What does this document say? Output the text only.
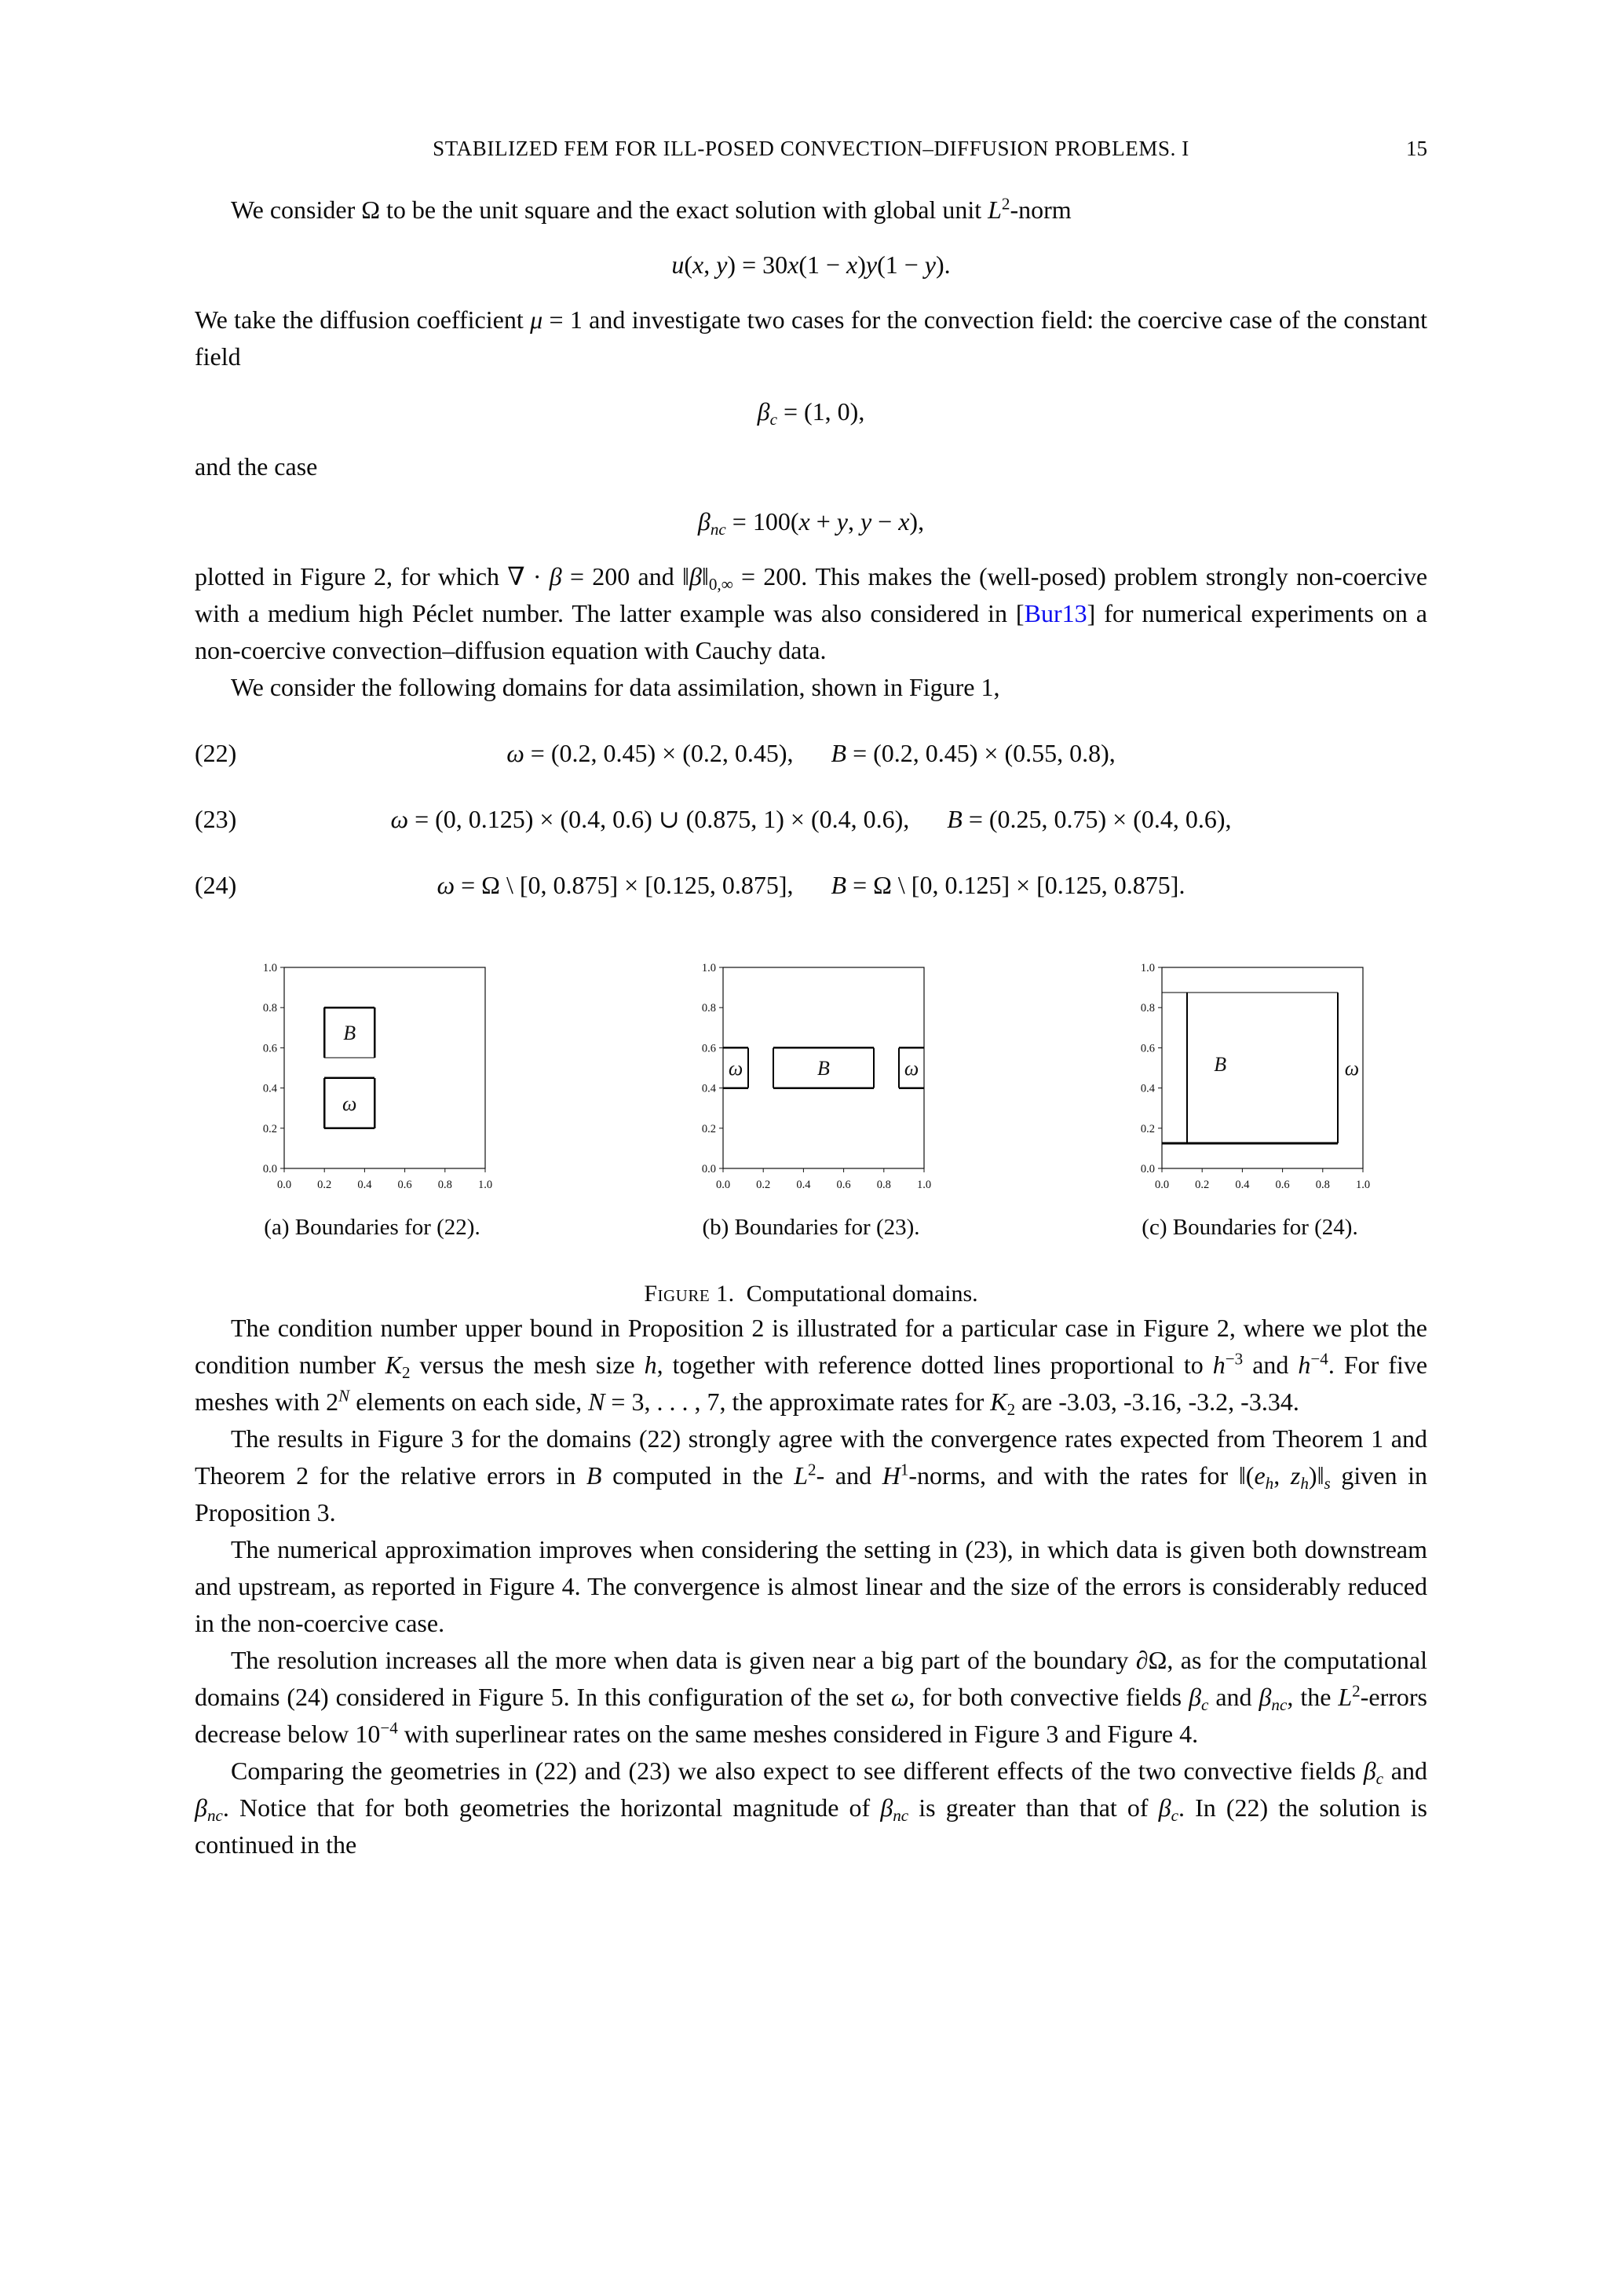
STABILIZED FEM FOR ILL-POSED CONVECTION–DIFFUSION PROBLEMS. I	15

We consider Ω to be the unit square and the exact solution with global unit $L^2$-norm

u(x, y) = 30x(1 − x)y(1 − y).

We take the diffusion coefficient μ = 1 and investigate two cases for the convection field: the coercive case of the constant field

βc = (1, 0),

and the case

βnc = 100(x + y, y − x),

plotted in Figure 2, for which ∇ · β = 200 and ‖β‖0,∞ = 200. This makes the (well-posed) problem strongly non-coercive with a medium high Péclet number. The latter example was also considered in [Bur13] for numerical experiments on a non-coercive convection–diffusion equation with Cauchy data.

We consider the following domains for data assimilation, shown in Figure 1,

(22)	ω = (0.2, 0.45) × (0.2, 0.45),   B = (0.2, 0.45) × (0.55, 0.8),
(23)	ω = (0, 0.125) × (0.4, 0.6) ∪ (0.875, 1) × (0.4, 0.6),   B = (0.25, 0.75) × (0.4, 0.6),
(24)	ω = Ω \ [0, 0.875] × [0.125, 0.875],   B = Ω \ [0, 0.125] × [0.125, 0.875].
0.0
0.0
0.2
0.2
0.4
0.4
0.6
0.6
0.8
0.8
1.0
1.0
B
ω
(a) Boundaries for (22).
0.0
0.0
0.2
0.2
0.4
0.4
0.6
0.6
0.8
0.8
1.0
1.0
ω	B	ω
(b) Boundaries for (23).
0.0
0.0
0.2
0.2
0.4
0.4
0.6
0.6
0.8
0.8
1.0
1.0
B	ω
(c) Boundaries for (24).
Figure 1. Computational domains.

The condition number upper bound in Proposition 2 is illustrated for a particular case in Figure 2, where we plot the condition number K2 versus the mesh size h, together with reference dotted lines proportional to $h^{-3}$ and $h^{-4}$. For five meshes with $2^N$ elements on each side, N = 3, . . . , 7, the approximate rates for K2 are -3.03, -3.16, -3.2, -3.34.

The results in Figure 3 for the domains (22) strongly agree with the convergence rates expected from Theorem 1 and Theorem 2 for the relative errors in B computed in the $L^2-$ and $H^1$-norms, and with the rates for ‖(eh, zh)‖s given in Proposition 3.

The numerical approximation improves when considering the setting in (23), in which data is given both downstream and upstream, as reported in Figure 4. The convergence is almost linear and the size of the errors is considerably reduced in the non-coercive case.

The resolution increases all the more when data is given near a big part of the boundary ∂Ω, as for the computational domains (24) considered in Figure 5. In this configuration of the set ω, for both convective fields βc and βnc, the $L^2$-errors decrease below $10^{-4}$ with superlinear rates on the same meshes considered in Figure 3 and Figure 4.

Comparing the geometries in (22) and (23) we also expect to see different effects of the two convective fields βc and βnc. Notice that for both geometries the horizontal magnitude of βnc is greater than that of βc. In (22) the solution is continued in the
